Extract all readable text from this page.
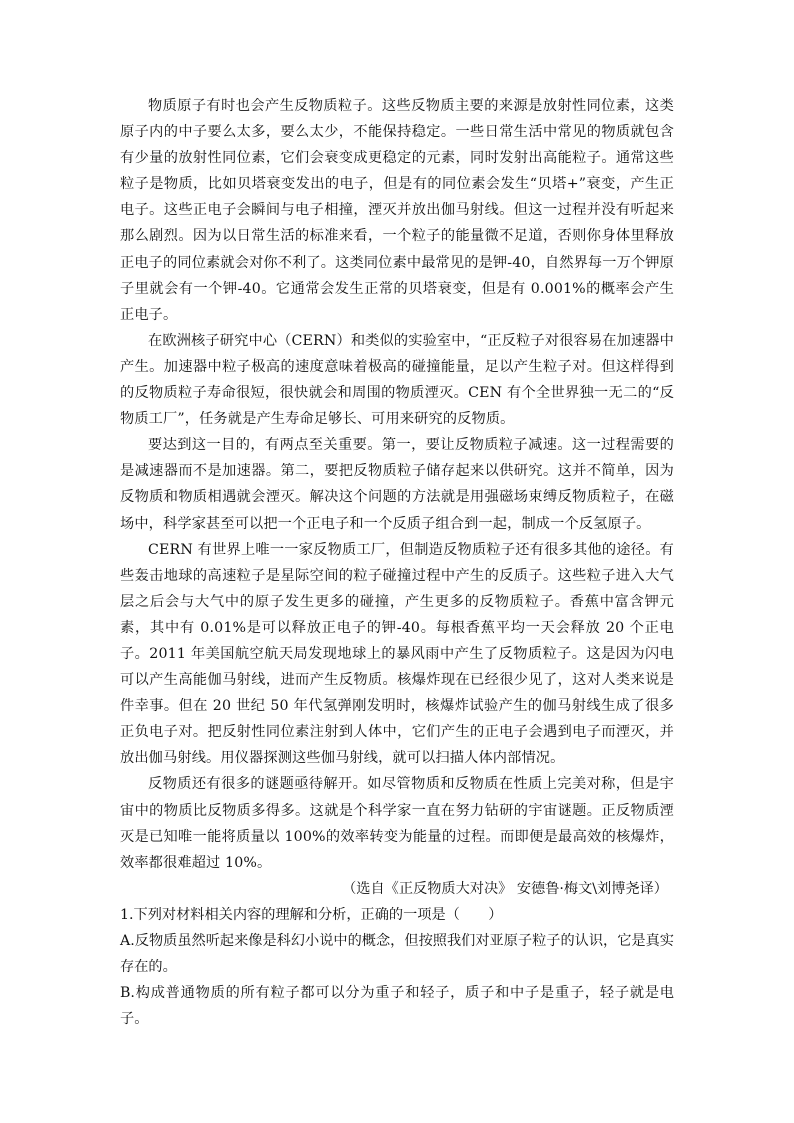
物质原子有时也会产生反物质粒子。这些反物质主要的来源是放射性同位素，这类原子内的中子要么太多，要么太少，不能保持稳定。一些日常生活中常见的物质就包含有少量的放射性同位素，它们会衰变成更稳定的元素，同时发射出高能粒子。通常这些粒子是物质，比如贝塔衰变发出的电子，但是有的同位素会发生“贝塔+”衰变，产生正电子。这些正电子会瞬间与电子相撞，湮灭并放出伽马射线。但这一过程并没有听起来那么剧烈。因为以日常生活的标准来看，一个粒子的能量微不足道，否则你身体里释放正电子的同位素就会对你不利了。这类同位素中最常见的是钾-40，自然界每一万个钾原子里就会有一个钾-40。它通常会发生正常的贝塔衰变，但是有 0.001%的概率会产生正电子。

在欧洲核子研究中心（CERN）和类似的实验室中，“正反粒子对很容易在加速器中产生。加速器中粒子极高的速度意味着极高的碰撞能量，足以产生粒子对。但这样得到的反物质粒子寿命很短，很快就会和周围的物质湮灭。CEN 有个全世界独一无二的“反物质工厂”，任务就是产生寿命足够长、可用来研究的反物质。

要达到这一目的，有两点至关重要。第一，要让反物质粒子减速。这一过程需要的是减速器而不是加速器。第二，要把反物质粒子储存起来以供研究。这并不简单，因为反物质和物质相遇就会湮灭。解决这个问题的方法就是用强磁场束缚反物质粒子，在磁场中，科学家甚至可以把一个正电子和一个反质子组合到一起，制成一个反氢原子。

CERN 有世界上唯一一家反物质工厂，但制造反物质粒子还有很多其他的途径。有些轰击地球的高速粒子是星际空间的粒子碰撞过程中产生的反质子。这些粒子进入大气层之后会与大气中的原子发生更多的碰撞，产生更多的反物质粒子。香蕉中富含钾元素，其中有 0.01%是可以释放正电子的钾-40。每根香蕉平均一天会释放 20 个正电子。2011 年美国航空航天局发现地球上的暴风雨中产生了反物质粒子。这是因为闪电可以产生高能伽马射线，进而产生反物质。核爆炸现在已经很少见了，这对人类来说是件幸事。但在 20 世纪 50 年代氢弹刚发明时，核爆炸试验产生的伽马射线生成了很多正负电子对。把反射性同位素注射到人体中，它们产生的正电子会遇到电子而湮灭，并放出伽马射线。用仪器探测这些伽马射线，就可以扫描人体内部情况。

反物质还有很多的谜题亟待解开。如尽管物质和反物质在性质上完美对称，但是宇宙中的物质比反物质多得多。这就是个科学家一直在努力钻研的宇宙谜题。正反物质湮灭是已知唯一能将质量以 100%的效率转变为能量的过程。而即便是最高效的核爆炸，效率都很难超过 10%。

（选自《正反物质大对决》 安德鲁·梅文\刘博尧译）

1.下列对材料相关内容的理解和分析，正确的一项是（　　）

A.反物质虽然听起来像是科幻小说中的概念，但按照我们对亚原子粒子的认识，它是真实存在的。

B.构成普通物质的所有粒子都可以分为重子和轻子，质子和中子是重子，轻子就是电子。
